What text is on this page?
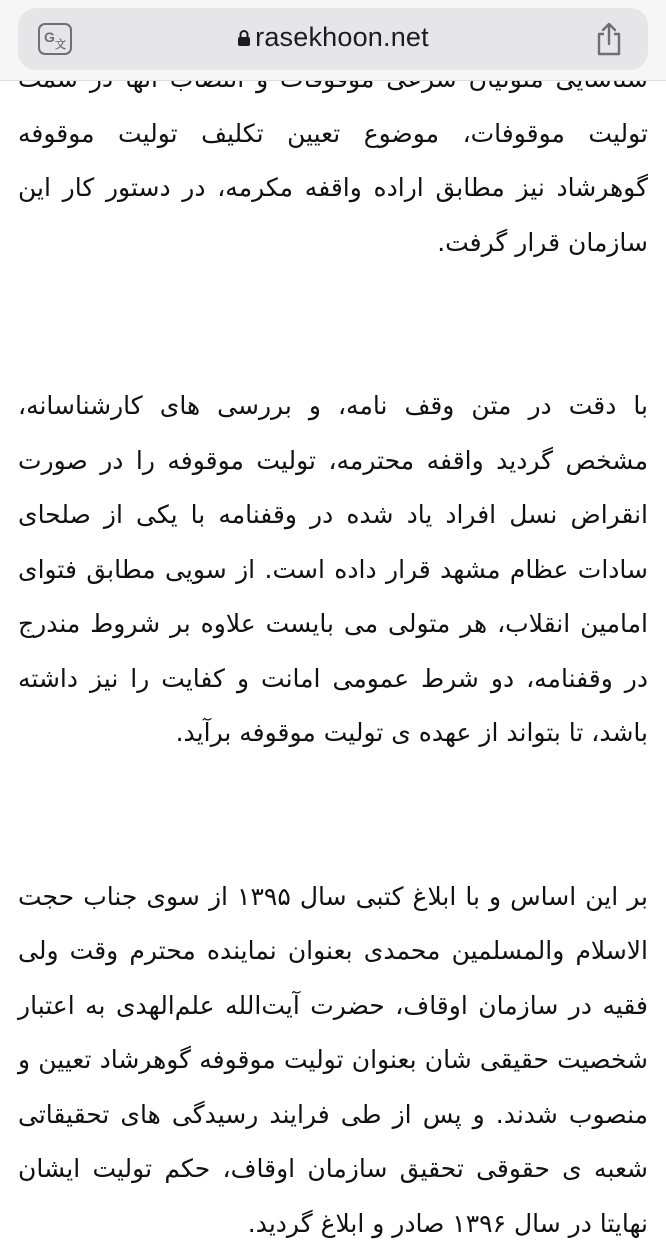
تولیت موقوفات، موضوع تعیین تکلیف تولیت موقوفه گوهرشاد نیز مطابق اراده واقفه مکرمه، در دستور کار این سازمان قرار گرفت.

با دقت در متن وقف نامه، و بررسی های کارشناسانه، مشخص گردید واقفه محترمه، تولیت موقوفه را در صورت انقراض نسل افراد یاد شده در وقفنامه با یکی از صلحای سادات عظام مشهد قرار داده است. از سویی مطابق فتوای امامین انقلاب، هر متولی می بایست علاوه بر شروط مندرج در وقفنامه، دو شرط عمومی امانت و کفایت را نیز داشته باشد، تا بتواند از عهده ی تولیت موقوفه برآید.

بر این اساس و با ابلاغ کتبی سال ۱۳۹۵ از سوی جناب حجت الاسلام والمسلمین محمدی بعنوان نماینده محترم وقت ولی فقیه در سازمان اوقاف، حضرت آیت‌الله علم‌الهدی به اعتبار شخصیت حقیقی شان بعنوان تولیت موقوفه گوهرشاد تعیین و منصوب شدند. و پس از طی فرایند رسیدگی های تحقیقاتی شعبه ی حقوقی تحقیق سازمان اوقاف، حکم تولیت ایشان نهایتا در سال ۱۳۹۶ صادر و ابلاغ گردید.

G 文	rasekhoon.net
